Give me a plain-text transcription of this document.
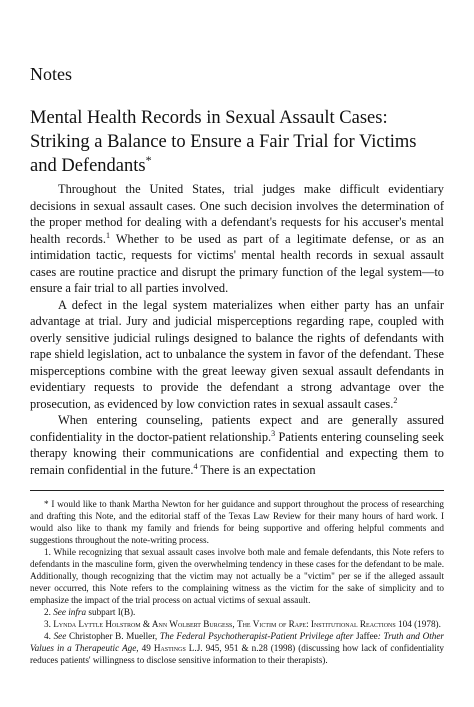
Notes
Mental Health Records in Sexual Assault Cases: Striking a Balance to Ensure a Fair Trial for Victims and Defendants*

Throughout the United States, trial judges make difficult evidentiary decisions in sexual assault cases. One such decision involves the determination of the proper method for dealing with a defendant's requests for his accuser's mental health records.$^1$ Whether to be used as part of a legitimate defense, or as an intimidation tactic, requests for victims' mental health records in sexual assault cases are routine practice and disrupt the primary function of the legal system—to ensure a fair trial to all parties involved.

A defect in the legal system materializes when either party has an unfair advantage at trial. Jury and judicial misperceptions regarding rape, coupled with overly sensitive judicial rulings designed to balance the rights of defendants with rape shield legislation, act to unbalance the system in favor of the defendant. These misperceptions combine with the great leeway given sexual assault defendants in evidentiary requests to provide the defendant a strong advantage over the prosecution, as evidenced by low conviction rates in sexual assault cases.$^2$

When entering counseling, patients expect and are generally assured confidentiality in the doctor-patient relationship.$^3$ Patients entering counseling seek therapy knowing their communications are confidential and expecting them to remain confidential in the future.$^4$ There is an expectation

* I would like to thank Martha Newton for her guidance and support throughout the process of researching and drafting this Note, and the editorial staff of the Texas Law Review for their many hours of hard work. I would also like to thank my family and friends for being supportive and offering helpful comments and suggestions throughout the note-writing process.

1. While recognizing that sexual assault cases involve both male and female defendants, this Note refers to defendants in the masculine form, given the overwhelming tendency in these cases for the defendant to be male. Additionally, though recognizing that the victim may not actually be a "victim" per se if the alleged assault never occurred, this Note refers to the complaining witness as the victim for the sake of simplicity and to emphasize the impact of the trial process on actual victims of sexual assault.

2. See infra subpart I(B).

3. Lynda Lyttle Holstrom & Ann Wolbert Burgess, The Victim of Rape: Institutional Reactions 104 (1978).

4. See Christopher B. Mueller, The Federal Psychotherapist-Patient Privilege after Jaffee: Truth and Other Values in a Therapeutic Age, 49 Hastings L.J. 945, 951 & n.28 (1998) (discussing how lack of confidentiality reduces patients' willingness to disclose sensitive information to their therapists).
